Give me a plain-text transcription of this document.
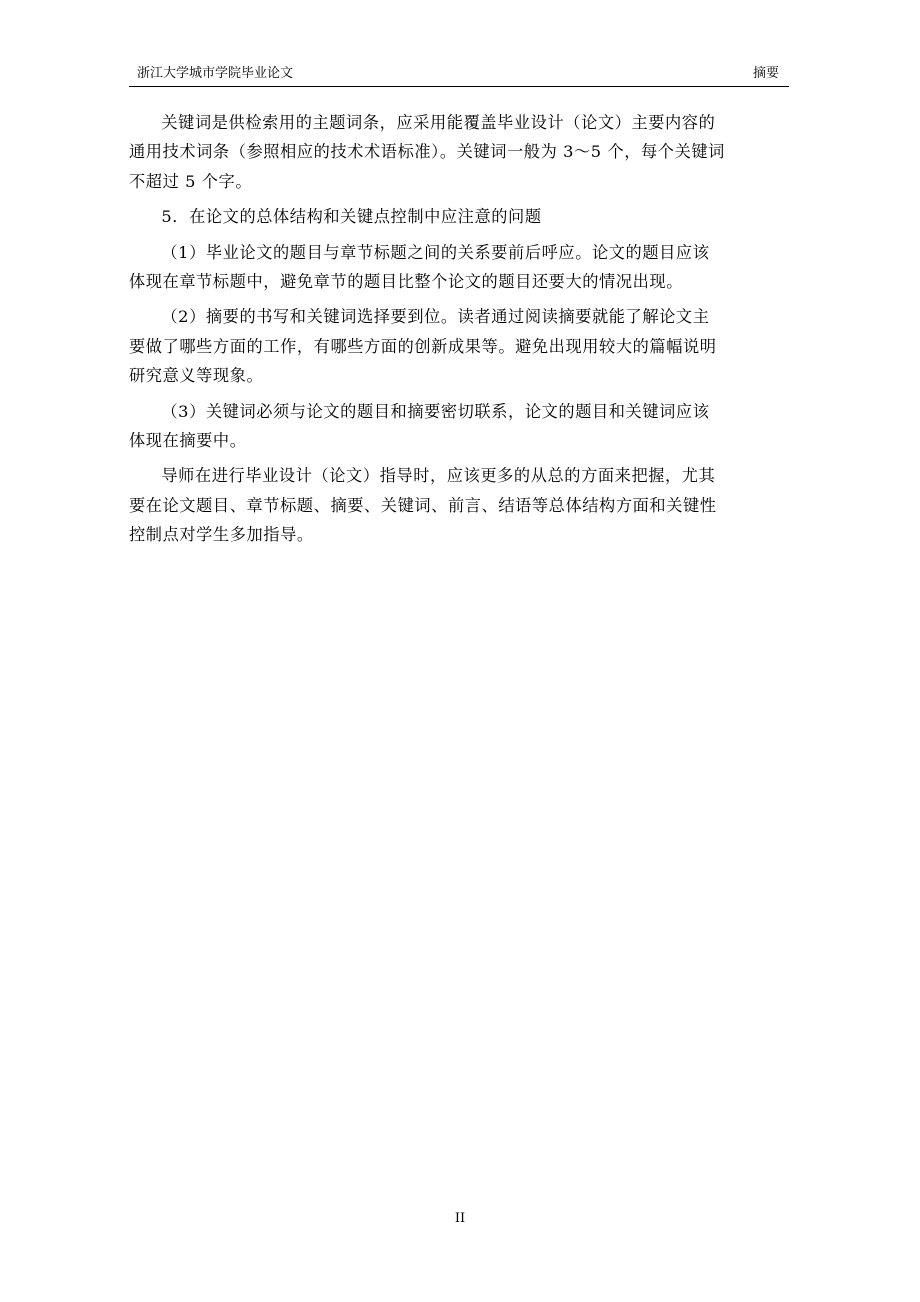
浙江大学城市学院毕业论文	摘要

关键词是供检索用的主题词条，应采用能覆盖毕业设计（论文）主要内容的
通用技术词条（参照相应的技术术语标准）。关键词一般为 3～5 个，每个关键词
不超过 5 个字。

5．在论文的总体结构和关键点控制中应注意的问题

（1）毕业论文的题目与章节标题之间的关系要前后呼应。论文的题目应该
体现在章节标题中，避免章节的题目比整个论文的题目还要大的情况出现。

（2）摘要的书写和关键词选择要到位。读者通过阅读摘要就能了解论文主
要做了哪些方面的工作，有哪些方面的创新成果等。避免出现用较大的篇幅说明
研究意义等现象。

（3）关键词必须与论文的题目和摘要密切联系，论文的题目和关键词应该
体现在摘要中。

导师在进行毕业设计（论文）指导时，应该更多的从总的方面来把握，尤其
要在论文题目、章节标题、摘要、关键词、前言、结语等总体结构方面和关键性
控制点对学生多加指导。

II
